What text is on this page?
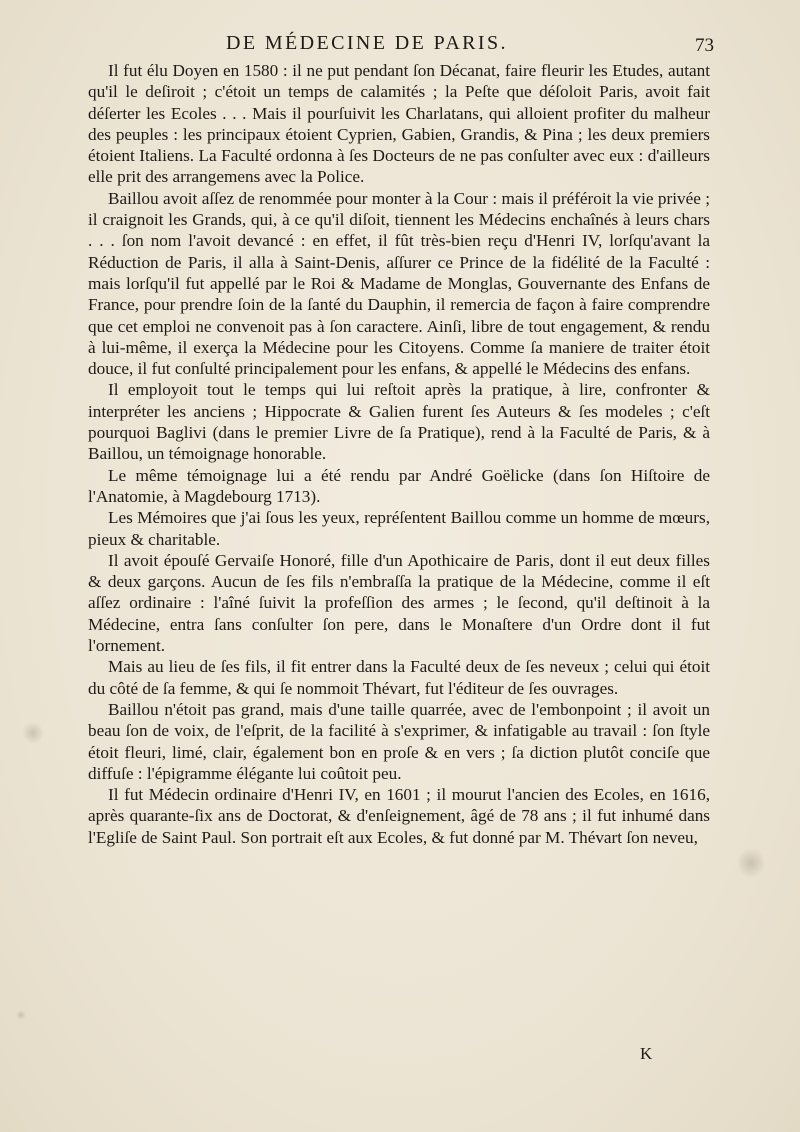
DE MÉDECINE DE PARIS.	73

Il fut élu Doyen en 1580 : il ne put pendant ſon Décanat, faire fleurir les Etudes, autant qu'il le deſiroit ; c'étoit un temps de calamités ; la Peſte que déſoloit Paris, avoit fait déſerter les Ecoles . . . Mais il pourſuivit les Charlatans, qui alloient profiter du malheur des peuples : les principaux étoient Cyprien, Gabien, Grandis, & Pina ; les deux premiers étoient Italiens. La Faculté ordonna à ſes Docteurs de ne pas conſulter avec eux : d'ailleurs elle prit des arrangemens avec la Police.

Baillou avoit aſſez de renommée pour monter à la Cour : mais il préféroit la vie privée ; il craignoit les Grands, qui, à ce qu'il diſoit, tiennent les Médecins enchaînés à leurs chars . . . ſon nom l'avoit devancé : en effet, il fût très-bien reçu d'Henri IV, lorſqu'avant la Réduction de Paris, il alla à Saint-Denis, aſſurer ce Prince de la fidélité de la Faculté : mais lorſqu'il fut appellé par le Roi & Madame de Monglas, Gouvernante des Enfans de France, pour prendre ſoin de la ſanté du Dauphin, il remercia de façon à faire comprendre que cet emploi ne convenoit pas à ſon caractere. Ainſi, libre de tout engagement, & rendu à lui-même, il exerça la Médecine pour les Citoyens. Comme ſa maniere de traiter étoit douce, il fut conſulté principalement pour les enfans, & appellé le Médecins des enfans.

Il employoit tout le temps qui lui reſtoit après la pratique, à lire, confronter & interpréter les anciens ; Hippocrate & Galien furent ſes Auteurs & ſes modeles ; c'eſt pourquoi Baglivi (dans le premier Livre de ſa Pratique), rend à la Faculté de Paris, & à Baillou, un témoignage honorable.

Le même témoignage lui a été rendu par André Goëlicke (dans ſon Hiſtoire de l'Anatomie, à Magdebourg 1713).

Les Mémoires que j'ai ſous les yeux, repréſentent Baillou comme un homme de mœurs, pieux & charitable.

Il avoit épouſé Gervaiſe Honoré, fille d'un Apothicaire de Paris, dont il eut deux filles & deux garçons. Aucun de ſes fils n'embraſſa la pratique de la Médecine, comme il eſt aſſez ordinaire : l'aîné ſuivit la profeſſion des armes ; le ſecond, qu'il deſtinoit à la Médecine, entra ſans conſulter ſon pere, dans le Monaſtere d'un Ordre dont il fut l'ornement.

Mais au lieu de ſes fils, il fit entrer dans la Faculté deux de ſes neveux ; celui qui étoit du côté de ſa femme, & qui ſe nommoit Thévart, fut l'éditeur de ſes ouvrages.

Baillou n'étoit pas grand, mais d'une taille quarrée, avec de l'embonpoint ; il avoit un beau ſon de voix, de l'eſprit, de la facilité à s'exprimer, & infatigable au travail : ſon ſtyle étoit fleuri, limé, clair, également bon en proſe & en vers ; ſa diction plutôt conciſe que diffuſe : l'épigramme élégante lui coûtoit peu.

Il fut Médecin ordinaire d'Henri IV, en 1601 ; il mourut l'ancien des Ecoles, en 1616, après quarante-ſix ans de Doctorat, & d'enſeignement, âgé de 78 ans ; il fut inhumé dans l'Egliſe de Saint Paul. Son portrait eſt aux Ecoles, & fut donné par M. Thévart ſon neveu,

K
